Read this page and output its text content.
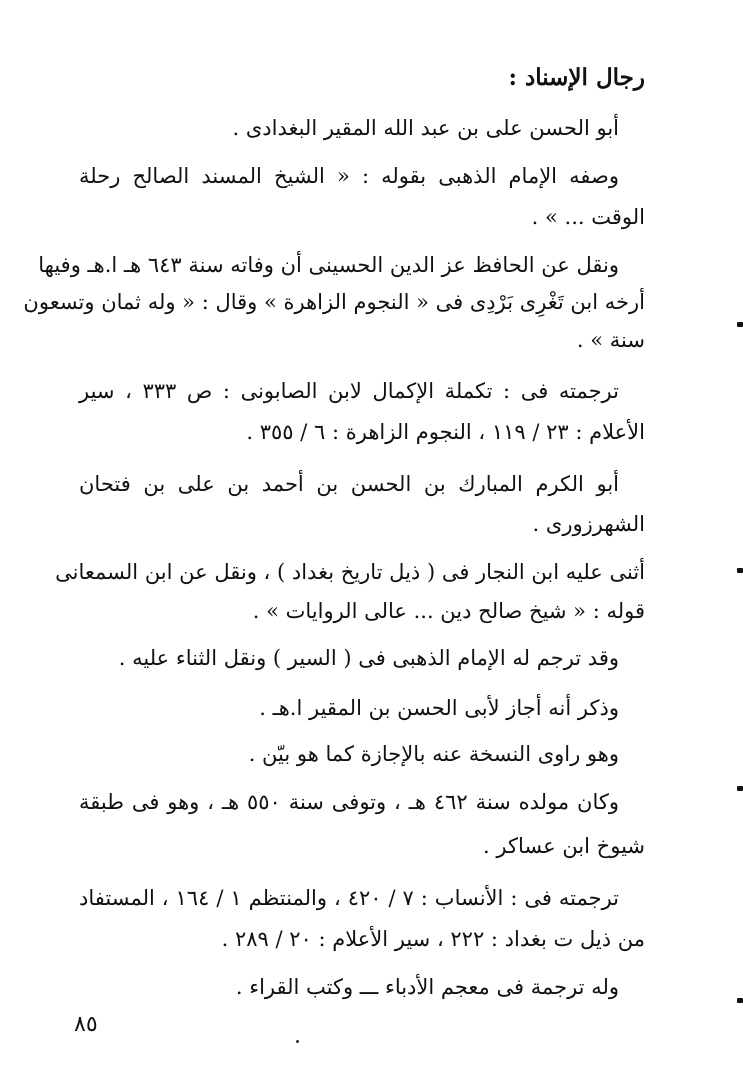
رجال الإسناد :
أبو الحسن على بن عبد الله المقير البغدادى .
وصفه الإمام الذهبى بقوله : « الشيخ المسند الصالح رحلة
الوقت ... » .
ونقل عن الحافظ عز الدين الحسينى أن وفاته سنة ٦٤٣ هـ ا.هـ وفيها
أرخه ابن تَغْرِى بَرْدِى فى « النجوم الزاهرة » وقال : « وله ثمان وتسعون
سنة » .
ترجمته فى : تكملة الإكمال لابن الصابونى : ص ٣٣٣ ، سير
الأعلام : ٢٣ / ١١٩ ، النجوم الزاهرة : ٦ / ٣٥٥ .
أبو الكرم المبارك بن الحسن بن أحمد بن على بن فتحان
الشهرزورى .
أثنى عليه ابن النجار فى ( ذيل تاريخ بغداد ) ، ونقل عن ابن السمعانى
قوله : « شيخ صالح دين ... عالى الروايات » .
وقد ترجم له الإمام الذهبى فى ( السير ) ونقل الثناء عليه .
وذكر أنه أجاز لأبى الحسن بن المقير ا.هـ .
وهو راوى النسخة عنه بالإجازة كما هو بيّن .
وكان مولده سنة ٤٦٢ هـ ، وتوفى سنة ٥٥٠ هـ ، وهو فى طبقة
شيوخ ابن عساكر .
ترجمته فى : الأنساب : ٧ / ٤٢٠ ، والمنتظم ١ / ١٦٤ ، المستفاد
من ذيل ت بغداد : ٢٢٢ ، سير الأعلام : ٢٠ / ٢٨٩ .
وله ترجمة فى معجم الأدباء ـــ وكتب القراء .
٨٥
